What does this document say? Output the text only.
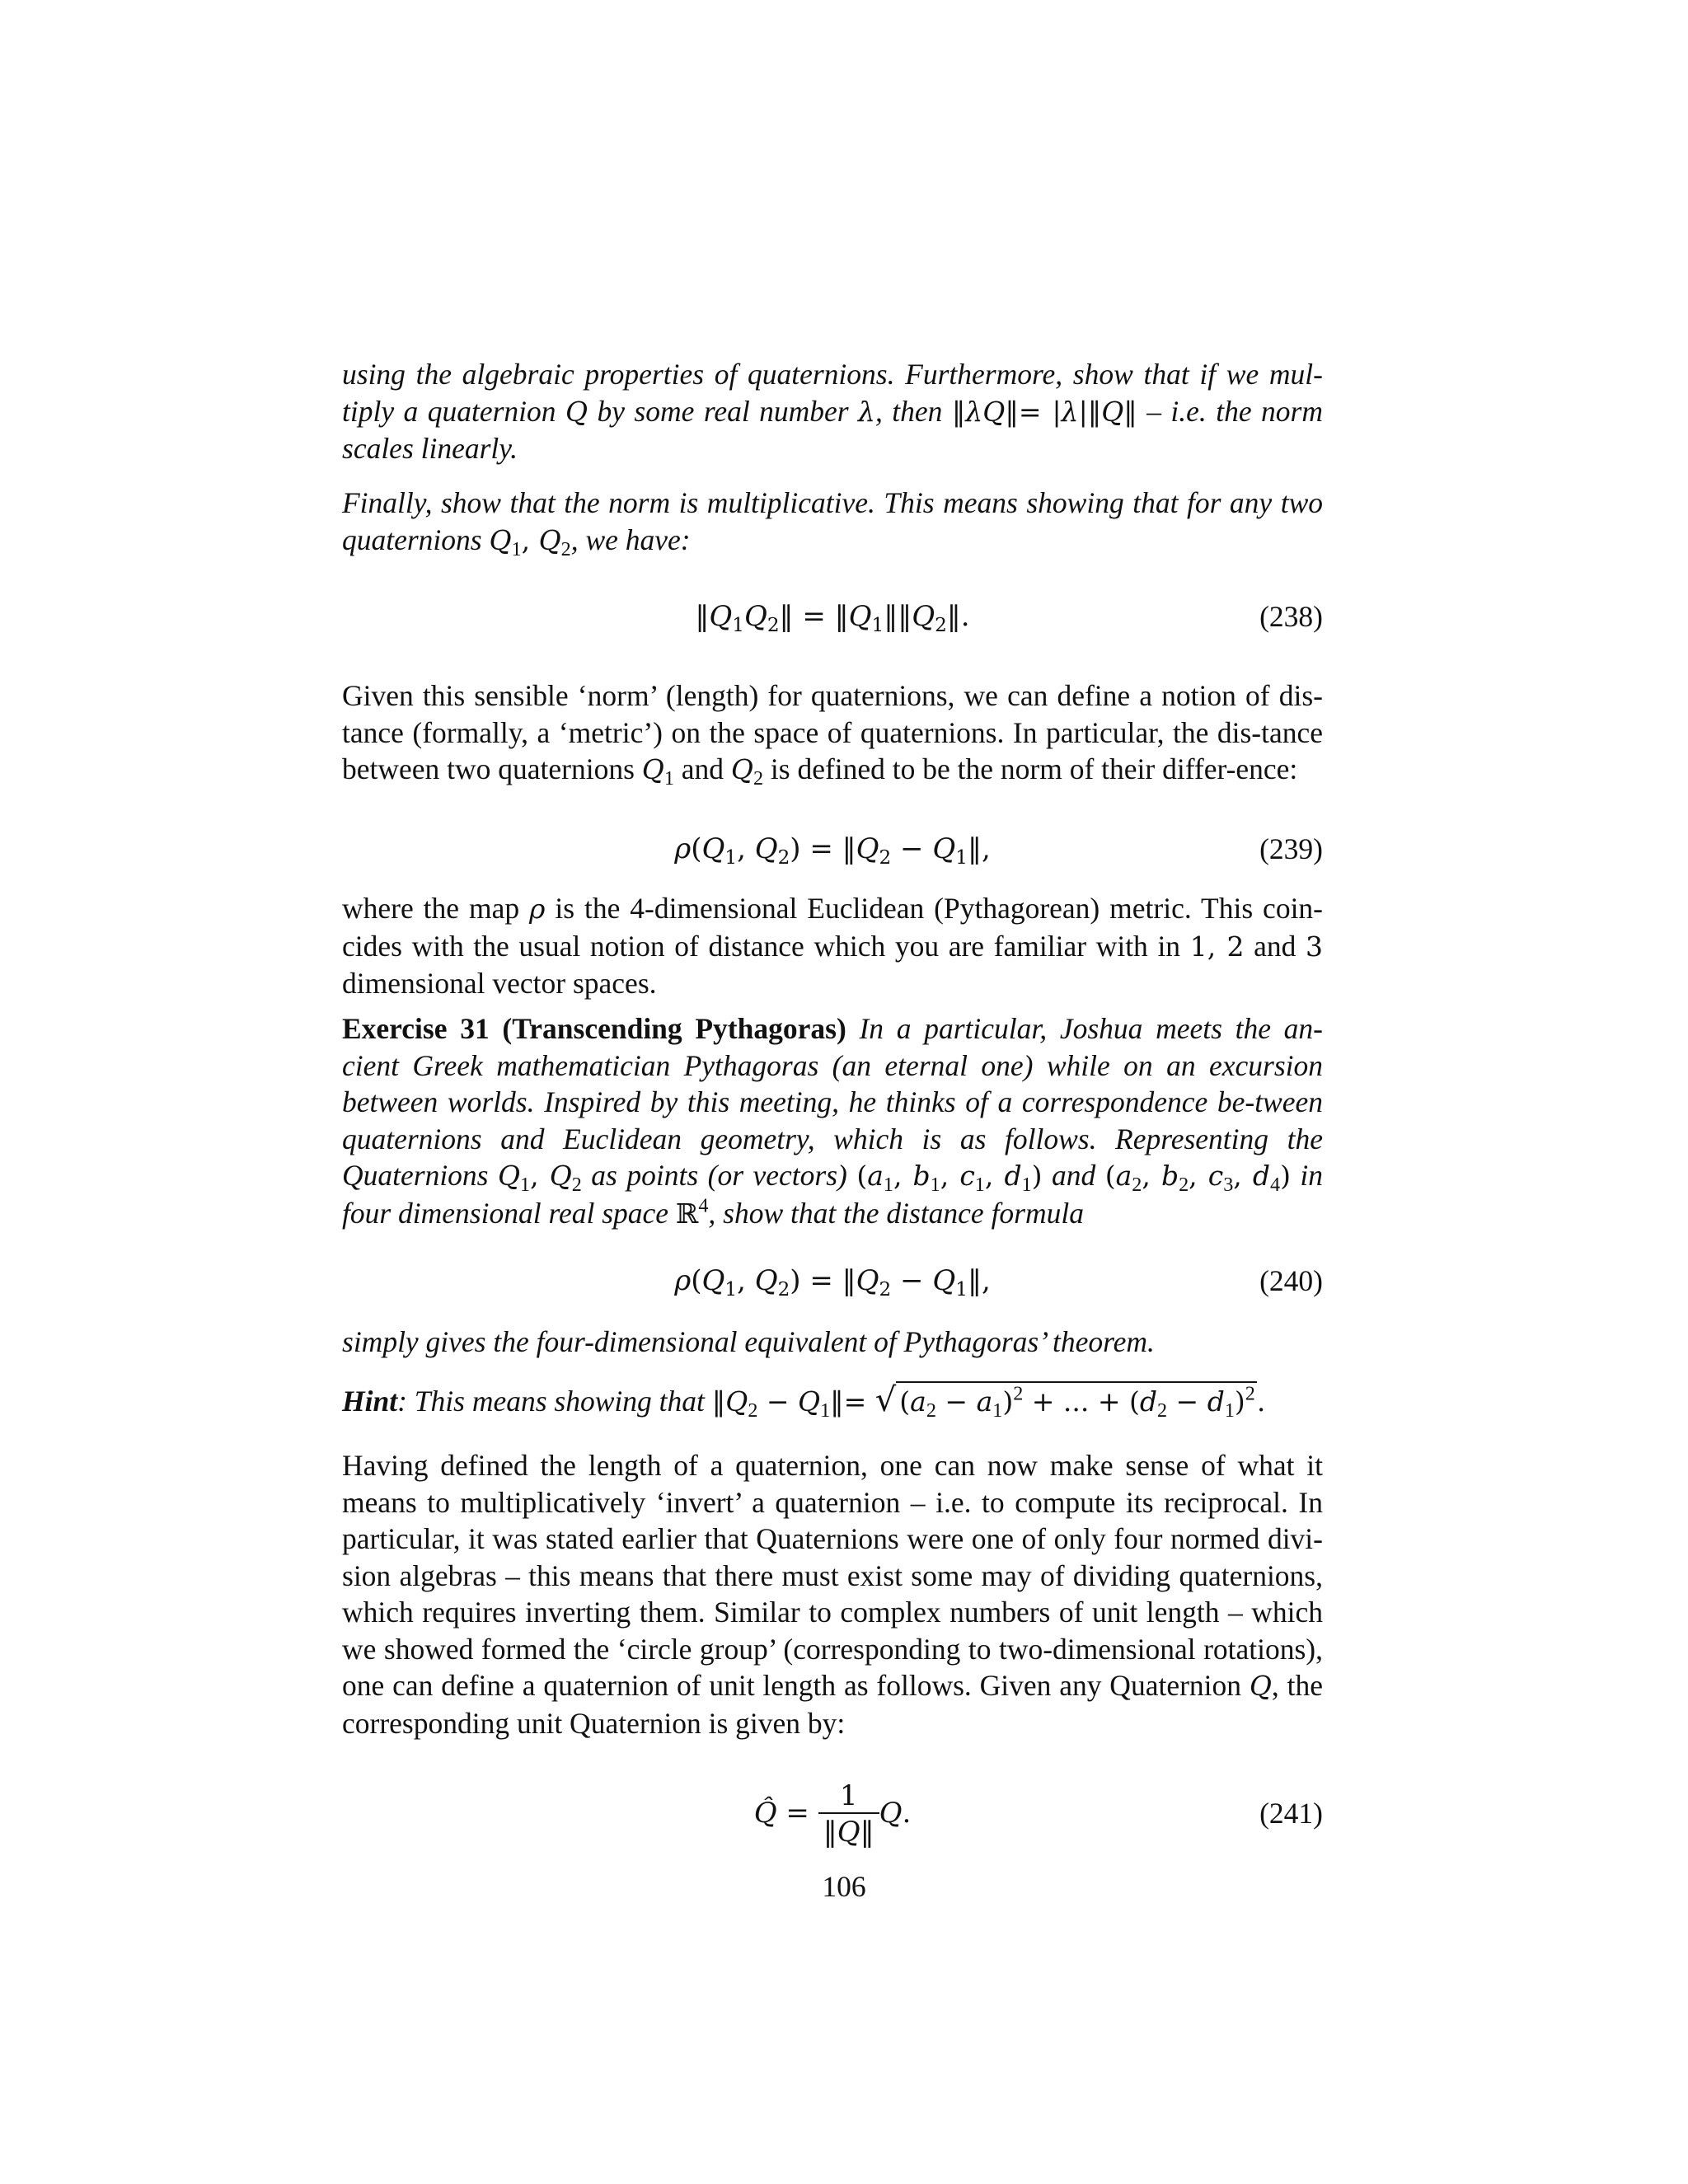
using the algebraic properties of quaternions. Furthermore, show that if we mul-

tiply a quaternion Q by some real number λ, then ‖λQ‖= |λ|‖Q‖ – i.e. the norm

scales linearly.

Finally, show that the norm is multiplicative. This means showing that for any two

quaternions $Q_1$, $Q_2$, we have:

$‖Q_1Q_2‖$ = $‖Q_1‖‖Q_2‖$.	(238)

Given this sensible ‘norm’ (length) for quaternions, we can define a notion of dis-tance (formally, a ‘metric’) on the space of quaternions. In particular, the dis-tance between two quaternions $Q_1$ and $Q_2$ is defined to be the norm of their differ-ence:

$\rho(Q_1$, $Q_2$) = $‖Q_2$ − $Q_1‖$,	(239)

where the map ρ is the 4-dimensional Euclidean (Pythagorean) metric. This coin-cides with the usual notion of distance which you are familiar with in 1, 2 and 3 dimensional vector spaces.

Exercise 31 (Transcending Pythagoras) In a particular, Joshua meets the an-cient Greek mathematician Pythagoras (an eternal one) while on an excursion between worlds. Inspired by this meeting, he thinks of a correspondence be-tween quaternions and Euclidean geometry, which is as follows. Representing the Quaternions $Q_1$, $Q_2$ as points (or vectors) ($a_1$, $b_1$, $c_1$, $d_1$) and ($a_2$, $b_2$, $c_3$, $d_4$) in four dimensional real space ℝ$^4$, show that the distance formula

$\rho(Q_1$, $Q_2$) = $‖Q_2$ − $Q_1‖$,	(240)

simply gives the four-dimensional equivalent of Pythagoras’ theorem.

Hint: This means showing that $‖Q_2$ − $Q_1‖=$ √ $(a_2 - a_1)^2$ + ... + $(d_2 - d_1)^2$.

Having defined the length of a quaternion, one can now make sense of what it means to multiplicatively ‘invert’ a quaternion – i.e. to compute its reciprocal. In particular, it was stated earlier that Quaternions were one of only four normed divi-sion algebras – this means that there must exist some may of dividing quaternions, which requires inverting them. Similar to complex numbers of unit length – which we showed formed the ‘circle group’ (corresponding to two-dimensional rotations), one can define a quaternion of unit length as follows. Given any Quaternion Q, the corresponding unit Quaternion is given by:

Q̂ = $\frac{1}{‖Q‖} Q$.	(241)
106
